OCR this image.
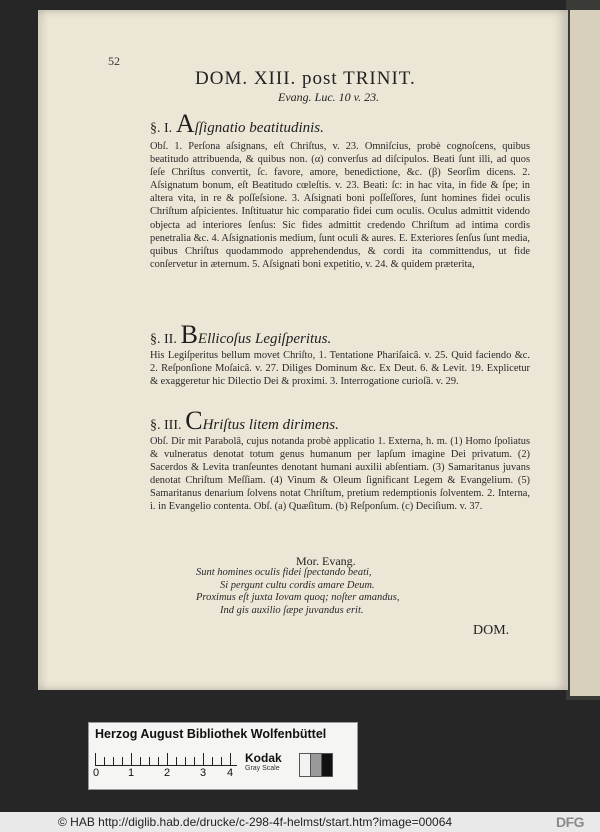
52
DOM. XIII. post TRINIT.
Evang. Luc. 10 v. 23.
§. I. Aſſignatio beatitudinis.
Obſ. 1. Perſona aſsignans, eſt Chriſtus, v. 23. Omniſcius, probè cognoſcens, quibus beatitudo attribuenda, & quibus non. (α) converſus ad diſcipulos. Beati ſunt illi, ad quos ſeſe Chriſtus convertit, ſc. favore, amore, benedictione, &c. (β) Seorſim dicens. 2. Aſsignatum bonum, eſt Beatitudo cœleſtis. v. 23. Beati: ſc: in hac vita, in fide & ſpe; in altera vita, in re & poſſeſsione. 3. Aſsignati boni poſſeſſores, ſunt homines fidei oculis Chriſtum aſpicientes. Inſtituatur hic comparatio fidei cum oculis. Oculus admittit videndo objecta ad interiores ſenſus: Sic fides admittit credendo Chriſtum ad intima cordis penetralia &c. 4. Aſsignationis medium, ſunt oculi & aures. E. Exteriores ſenſus ſunt media, quibus Chriſtus quodammodo apprehendendus, & cordi ita committendus, ut fide conſervetur in æternum. 5. Aſsignati boni expetitio, v. 24. & quidem præterita,
§. II. BEllicoſus Legiſperitus.
His Legiſperitus bellum movet Chriſto, 1. Tentatione Phariſaicâ. v. 25. Quid faciendo &c. 2. Reſponſione Moſaicâ. v. 27. Diliges Dominum &c. Ex Deut. 6. & Levit. 19. Explicetur & exaggeretur hic Dilectio Dei & proximi. 3. Interrogatione curioſâ. v. 29.
§. III. CHriſtus litem dirimens.
Obſ. Dir mit Parabolâ, cujus notanda probè applicatio 1. Externa, h. m. (1) Homo ſpoliatus & vulneratus denotat totum genus humanum per lapſum imagine Dei privatum. (2) Sacerdos & Levita tranſeuntes denotant humani auxilii abſentiam. (3) Samaritanus juvans denotat Chriſtum Meſſiam. (4) Vinum & Oleum ſignificant Legem & Evangelium. (5) Samaritanus denarium ſolvens notat Chriſtum, pretium redemptionis ſolventem. 2. Interna, i. in Evangelio contenta. Obſ. (a) Quæſitum. (b) Reſponſum. (c) Deciſium. v. 37.
Mor. Evang.
Sunt homines oculis fidei ſpectando beati,
Si pergunt cultu cordis amare Deum.
Proximus eſt juxta Iovam quoq; noſter amandus,
Ind gis auxilio ſæpe juvandus erit.
DOM.
Herzog August Bibliothek Wolfenbüttel
0	1	2	3 4
Kodak
Gray Scale
© HAB http://diglib.hab.de/drucke/c-298-4f-helmst/start.htm?image=00064	DFG
